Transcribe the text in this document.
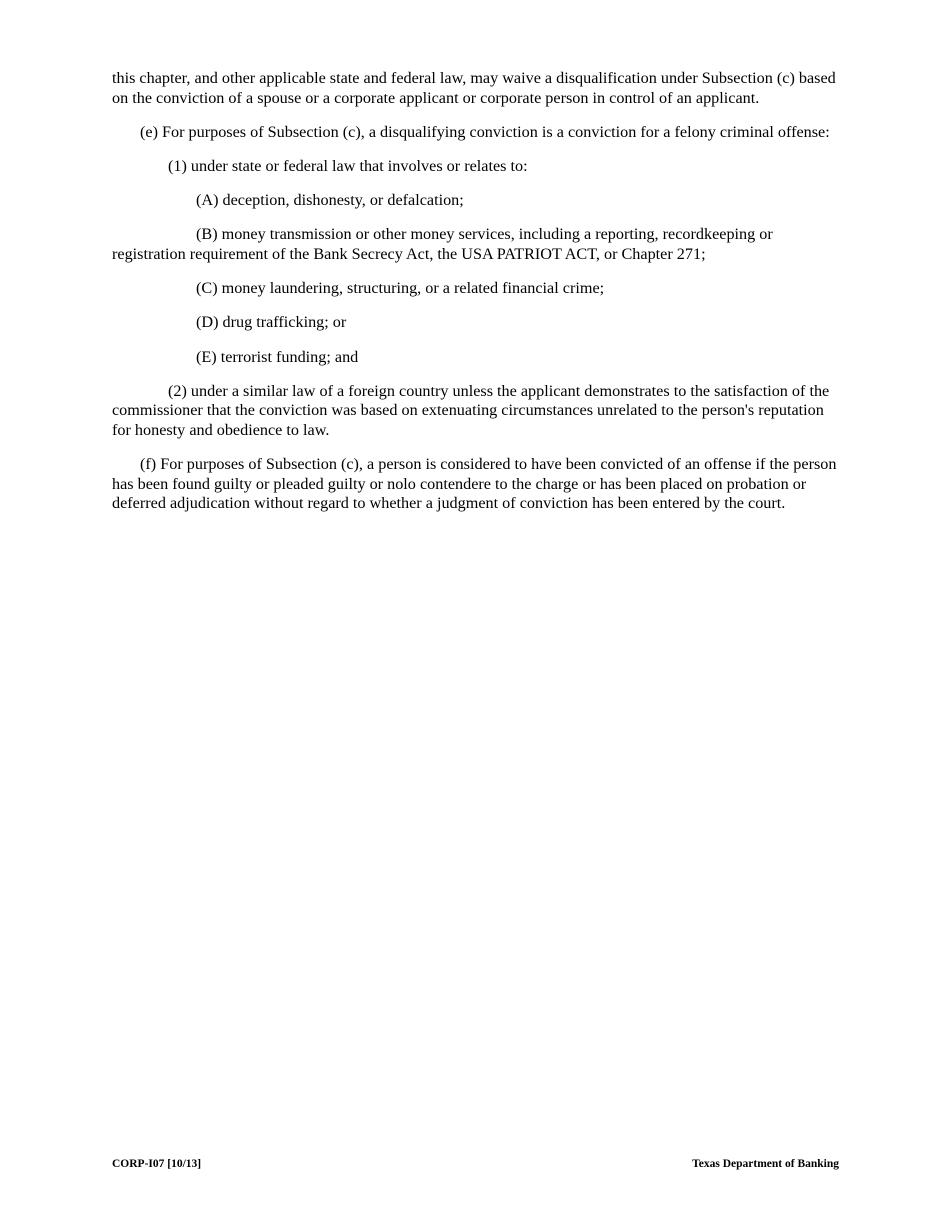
this chapter, and other applicable state and federal law, may waive a disqualification under Subsection (c) based on the conviction of a spouse or a corporate applicant or corporate person in control of an applicant.

(e) For purposes of Subsection (c), a disqualifying conviction is a conviction for a felony criminal offense:

(1) under state or federal law that involves or relates to:

(A) deception, dishonesty, or defalcation;

(B) money transmission or other money services, including a reporting, recordkeeping or registration requirement of the Bank Secrecy Act, the USA PATRIOT ACT, or Chapter 271;

(C) money laundering, structuring, or a related financial crime;

(D) drug trafficking; or

(E) terrorist funding; and

(2) under a similar law of a foreign country unless the applicant demonstrates to the satisfaction of the commissioner that the conviction was based on extenuating circumstances unrelated to the person's reputation for honesty and obedience to law.

(f) For purposes of Subsection (c), a person is considered to have been convicted of an offense if the person has been found guilty or pleaded guilty or nolo contendere to the charge or has been placed on probation or deferred adjudication without regard to whether a judgment of conviction has been entered by the court.

CORP-I07 [10/13]	Texas Department of Banking
